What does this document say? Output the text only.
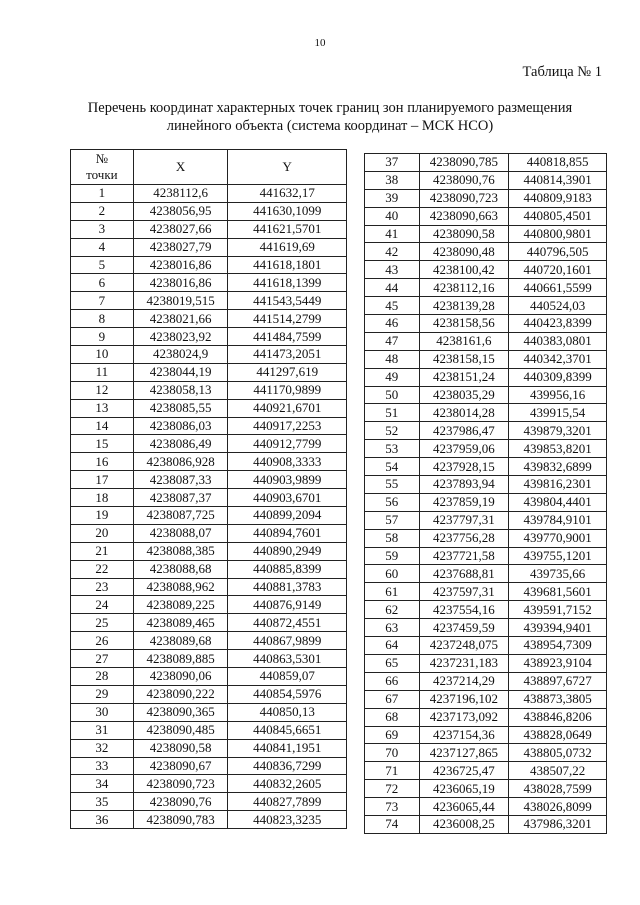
10
Таблица № 1
Перечень координат характерных точек границ зон планируемого размещения
линейного объекта (система координат – МСК НСО)
№
точки	X	Y
1	4238112,6	441632,17
2	4238056,95	441630,1099
3	4238027,66	441621,5701
4	4238027,79	441619,69
5	4238016,86	441618,1801
6	4238016,86	441618,1399
7	4238019,515	441543,5449
8	4238021,66	441514,2799
9	4238023,92	441484,7599
10	4238024,9	441473,2051
11	4238044,19	441297,619
12	4238058,13	441170,9899
13	4238085,55	440921,6701
14	4238086,03	440917,2253
15	4238086,49	440912,7799
16	4238086,928	440908,3333
17	4238087,33	440903,9899
18	4238087,37	440903,6701
19	4238087,725	440899,2094
20	4238088,07	440894,7601
21	4238088,385	440890,2949
22	4238088,68	440885,8399
23	4238088,962	440881,3783
24	4238089,225	440876,9149
25	4238089,465	440872,4551
26	4238089,68	440867,9899
27	4238089,885	440863,5301
28	4238090,06	440859,07
29	4238090,222	440854,5976
30	4238090,365	440850,13
31	4238090,485	440845,6651
32	4238090,58	440841,1951
33	4238090,67	440836,7299
34	4238090,723	440832,2605
35	4238090,76	440827,7899
36	4238090,783	440823,3235
37	4238090,785	440818,855
38	4238090,76	440814,3901
39	4238090,723	440809,9183
40	4238090,663	440805,4501
41	4238090,58	440800,9801
42	4238090,48	440796,505
43	4238100,42	440720,1601
44	4238112,16	440661,5599
45	4238139,28	440524,03
46	4238158,56	440423,8399
47	4238161,6	440383,0801
48	4238158,15	440342,3701
49	4238151,24	440309,8399
50	4238035,29	439956,16
51	4238014,28	439915,54
52	4237986,47	439879,3201
53	4237959,06	439853,8201
54	4237928,15	439832,6899
55	4237893,94	439816,2301
56	4237859,19	439804,4401
57	4237797,31	439784,9101
58	4237756,28	439770,9001
59	4237721,58	439755,1201
60	4237688,81	439735,66
61	4237597,31	439681,5601
62	4237554,16	439591,7152
63	4237459,59	439394,9401
64	4237248,075	438954,7309
65	4237231,183	438923,9104
66	4237214,29	438897,6727
67	4237196,102	438873,3805
68	4237173,092	438846,8206
69	4237154,36	438828,0649
70	4237127,865	438805,0732
71	4236725,47	438507,22
72	4236065,19	438028,7599
73	4236065,44	438026,8099
74	4236008,25	437986,3201
